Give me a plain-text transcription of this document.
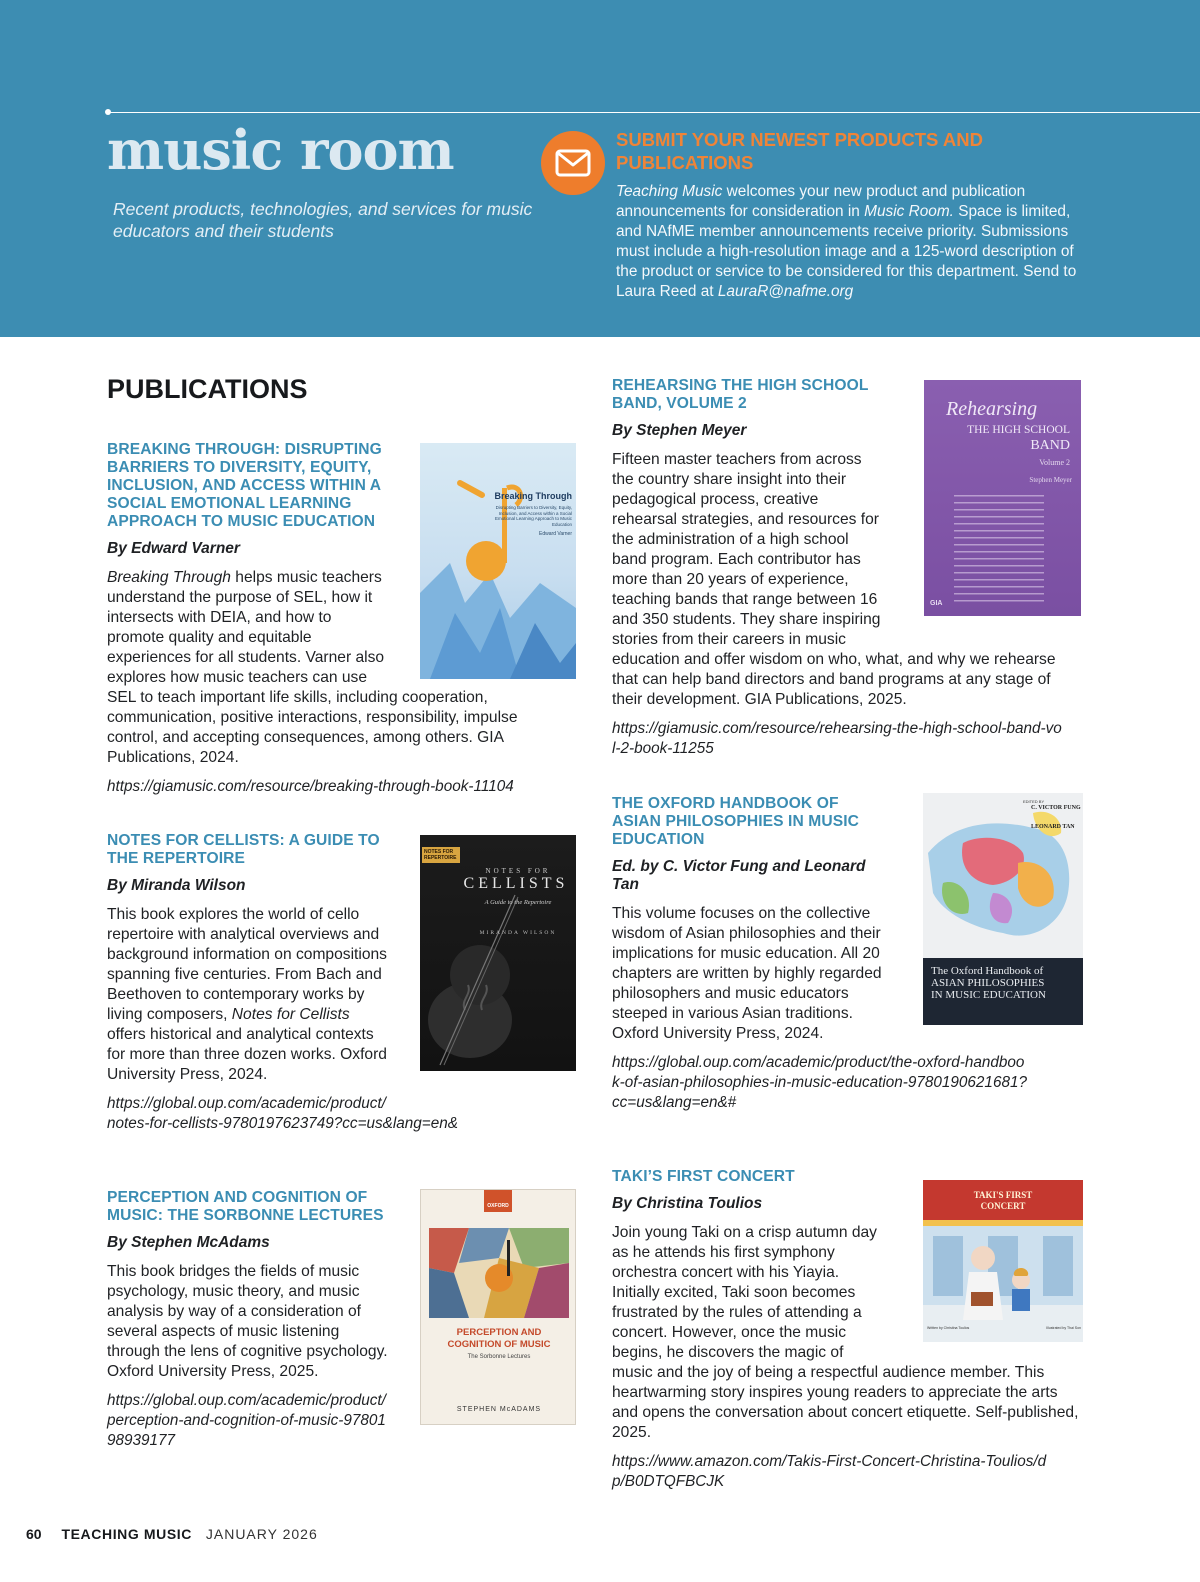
music room
Recent products, technologies, and services for music educators and their students
SUBMIT YOUR NEWEST PRODUCTS AND PUBLICATIONS
Teaching Music welcomes your new product and publication announcements for consideration in Music Room. Space is limited, and NAfME member announcements receive priority. Submissions must include a high-resolution image and a 125-word description of the product or service to be considered for this department. Send to Laura Reed at LauraR@nafme.org
PUBLICATIONS
BREAKING THROUGH: DISRUPTING BARRIERS TO DIVERSITY, EQUITY, INCLUSION, AND ACCESS WITHIN A SOCIAL EMOTIONAL LEARNING APPROACH TO MUSIC EDUCATION
By Edward Varner
Breaking Through helps music teachers understand the purpose of SEL, how it intersects with DEIA, and how to promote quality and equitable experiences for all students. Varner also explores how music teachers can use SEL to teach important life skills, including cooperation, communication, positive interactions, responsibility, impulse control, and accepting consequences, among others. GIA Publications, 2024.
https://giamusic.com/resource/breaking-through-book-11104
Breaking Through
Disrupting Barriers to Diversity, Equity, Inclusion, and Access within a Social Emotional Learning Approach to Music Education
Edward Varner
NOTES FOR CELLISTS: A GUIDE TO THE REPERTOIRE
By Miranda Wilson
This book explores the world of cello repertoire with analytical overviews and background information on compositions spanning five centuries. From Bach and Beethoven to contemporary works by living composers, Notes for Cellists offers historical and analytical contexts for more than three dozen works. Oxford University Press, 2024.
https://global.oup.com/academic/product/notes-for-cellists-9780197623749?cc=us&lang=en&
NOTES FOR REPERTOIRE
NOTES FOR
CELLISTS
A Guide to the Repertoire
MIRANDA WILSON
PERCEPTION AND COGNITION OF MUSIC: THE SORBONNE LECTURES
By Stephen McAdams
This book bridges the fields of music psychology, music theory, and music analysis by way of a consideration of several aspects of music listening through the lens of cognitive psychology. Oxford University Press, 2025.
https://global.oup.com/academic/product/perception-and-cognition-of-music-9780198939177
OXFORD
PERCEPTION AND COGNITION OF MUSIC
The Sorbonne Lectures
STEPHEN McADAMS
REHEARSING THE HIGH SCHOOL BAND, VOLUME 2
By Stephen Meyer
Fifteen master teachers from across the country share insight into their pedagogical process, creative rehearsal strategies, and resources for the administration of a high school band program. Each contributor has more than 20 years of experience, teaching bands that range between 16 and 350 students. They share inspiring stories from their careers in music education and offer wisdom on who, what, and why we rehearse that can help band directors and band programs at any stage of their development. GIA Publications, 2025.
https://giamusic.com/resource/rehearsing-the-high-school-band-vol-2-book-11255
Rehearsing
THE HIGH SCHOOL
BAND
Volume 2
Stephen Meyer
GIA
THE OXFORD HANDBOOK OF ASIAN PHILOSOPHIES IN MUSIC EDUCATION
Ed. by C. Victor Fung and Leonard Tan
This volume focuses on the collective wisdom of Asian philosophies and their implications for music education. All 20 chapters are written by highly regarded philosophers and music educators steeped in various Asian traditions. Oxford University Press, 2024.
https://global.oup.com/academic/product/the-oxford-handbook-of-asian-philosophies-in-music-education-9780190621681?cc=us&lang=en&#
EDITED BY
C. VICTOR FUNG
LEONARD TAN
The Oxford Handbook of
ASIAN PHILOSOPHIES
IN MUSIC EDUCATION
TAKI’S FIRST CONCERT
By Christina Toulios
Join young Taki on a crisp autumn day as he attends his first symphony orchestra concert with his Yiayia. Initially excited, Taki soon becomes frustrated by the rules of attending a concert. However, once the music begins, he discovers the magic of music and the joy of being a respectful audience member. This heartwarming story inspires young readers to appreciate the arts and opens the conversation about concert etiquette. Self-published, 2025.
https://www.amazon.com/Takis-First-Concert-Christina-Toulios/dp/B0DTQFBCJK
TAKI'S FIRST CONCERT
Written by Christina Toulios	Illustrated by Thai Son
60 TEACHING MUSIC JANUARY 2026
